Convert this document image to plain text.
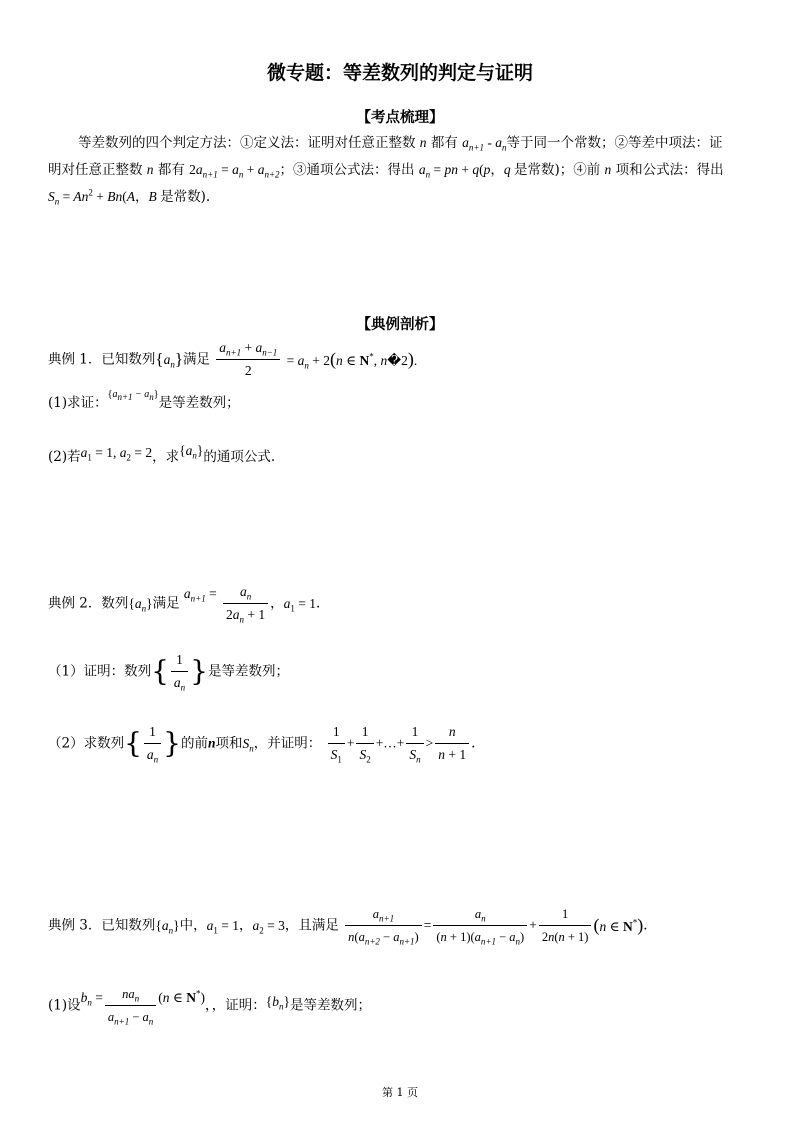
微专题：等差数列的判定与证明
【考点梳理】
等差数列的四个判定方法：①定义法：证明对任意正整数 n 都有 $a_{n+1} - a_n$等于同一个常数；②等差中项法：证
明对任意正整数 n 都有 $2a_{n+1} = a_n + a_{n+2}$；③通项公式法：得出 $a_n$ = pn + q(p，q 是常数)；④前 n 项和公式法：得出
$S_n = An^2 + Bn(A$，B 是常数).
【典例剖析】
典例 1．已知数列$\{a_n\}$满足 $\frac{a_{n+1} + a_{n-1}}{2} = a_n + 2(n$ ∈ N*, n�2).
(1)求证：$^{\{a_{n+1} - a_n\}}$是等差数列；
(2)若$a_1 = 1$, $a_2 = 2$，求$\{a_n\}$的通项公式.
典例 2．数列$\{a_n\}$满足 $a_{n+1} = \frac{a_n}{2a_n + 1}$ ，$a_1 = 1$.
（1）证明：数列{ $\frac{1}{a_n}$ }是等差数列；
（2）求数列{ $\frac{1}{a_n}$ }的前n项和$S_n$，并证明： $\frac{1}{S_1} + \frac{1}{S_2}$ +…+ $\frac{1}{S_n} > \frac{n}{n + 1}$ .
典例 3．已知数列$\{a_n\}$中，$a_1 = 1$，$a_2 = 3$，且满足 $\frac{a_{n+1}}{n(a_{n+2} - a_{n+1})} = \frac{a_n}{(n + 1)(a_{n+1} - a_n)} + \frac{1}{2n(n + 1)} (n$ ∈ N*).
(1)设$b_n = \frac{na_n}{a_{n+1} - a_n} (n$ ∈ N*)，，证明：$\{b_n\}$是等差数列；
第 1 页
